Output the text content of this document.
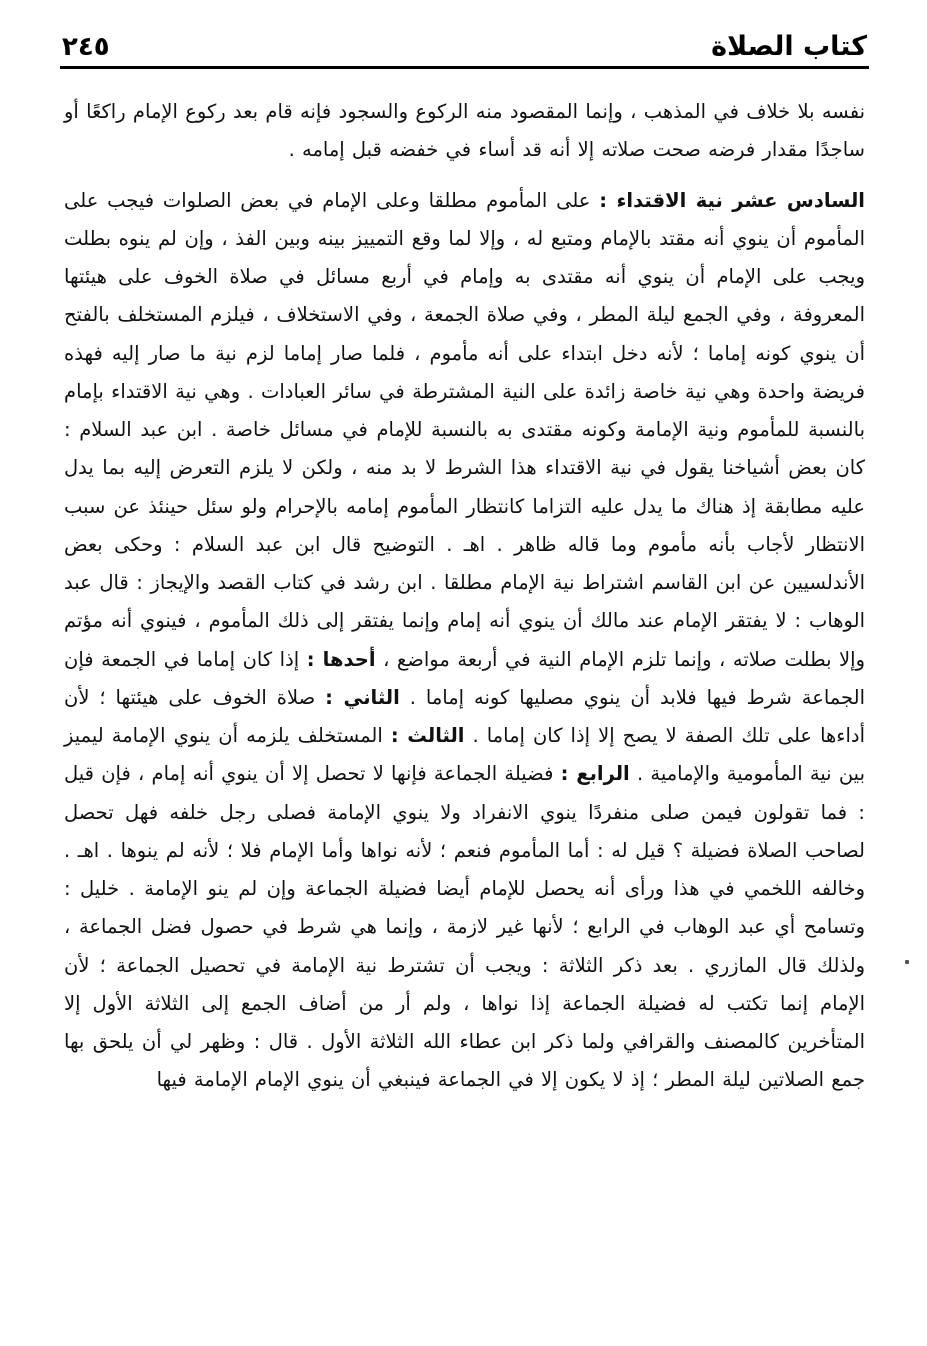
كتاب الصلاة
٢٤٥

نفسه بلا خلاف في المذهب ، وإنما المقصود منه الركوع والسجود فإنه قام بعد ركوع الإمام راكعًا أو ساجدًا مقدار فرضه صحت صلاته إلا أنه قد أساء في خفضه قبل إمامه .

السادس عشر نية الاقتداء : على المأموم مطلقا وعلى الإمام في بعض الصلوات فيجب على المأموم أن ينوي أنه مقتد بالإمام ومتبع له ، وإلا لما وقع التمييز بينه وبين الفذ ، وإن لم ينوه بطلت ويجب على الإمام أن ينوي أنه مقتدى به وإمام في أربع مسائل في صلاة الخوف على هيئتها المعروفة ، وفي الجمع ليلة المطر ، وفي صلاة الجمعة ، وفي الاستخلاف ، فيلزم المستخلف بالفتح أن ينوي كونه إماما ؛ لأنه دخل ابتداء على أنه مأموم ، فلما صار إماما لزم نية ما صار إليه فهذه فريضة واحدة وهي نية خاصة زائدة على النية المشترطة في سائر العبادات . وهي نية الاقتداء بإمام بالنسبة للمأموم ونية الإمامة وكونه مقتدى به بالنسبة للإمام في مسائل خاصة . ابن عبد السلام : كان بعض أشياخنا يقول في نية الاقتداء هذا الشرط لا بد منه ، ولكن لا يلزم التعرض إليه بما يدل عليه مطابقة إذ هناك ما يدل عليه التزاما كانتظار المأموم إمامه بالإحرام ولو سئل حينئذ عن سبب الانتظار لأجاب بأنه مأموم وما قاله ظاهر . اهـ . التوضيح قال ابن عبد السلام : وحكى بعض الأندلسيين عن ابن القاسم اشتراط نية الإمام مطلقا . ابن رشد في كتاب القصد والإيجاز : قال عبد الوهاب : لا يفتقر الإمام عند مالك أن ينوي أنه إمام وإنما يفتقر إلى ذلك المأموم ، فينوي أنه مؤتم وإلا بطلت صلاته ، وإنما تلزم الإمام النية في أربعة مواضع ، أحدها : إذا كان إماما في الجمعة فإن الجماعة شرط فيها فلابد أن ينوي مصليها كونه إماما . الثاني : صلاة الخوف على هيئتها ؛ لأن أداءها على تلك الصفة لا يصح إلا إذا كان إماما . الثالث : المستخلف يلزمه أن ينوي الإمامة ليميز بين نية المأمومية والإمامية . الرابع : فضيلة الجماعة فإنها لا تحصل إلا أن ينوي أنه إمام ، فإن قيل : فما تقولون فيمن صلى منفردًا ينوي الانفراد ولا ينوي الإمامة فصلى رجل خلفه فهل تحصل لصاحب الصلاة فضيلة ؟ قيل له : أما المأموم فنعم ؛ لأنه نواها وأما الإمام فلا ؛ لأنه لم ينوها . اهـ . وخالفه اللخمي في هذا ورأى أنه يحصل للإمام أيضا فضيلة الجماعة وإن لم ينو الإمامة . خليل : وتسامح أي عبد الوهاب في الرابع ؛ لأنها غير لازمة ، وإنما هي شرط في حصول فضل الجماعة ، ولذلك قال المازري . بعد ذكر الثلاثة : ويجب أن تشترط نية الإمامة في تحصيل الجماعة ؛ لأن الإمام إنما تكتب له فضيلة الجماعة إذا نواها ، ولم أر من أضاف الجمع إلى الثلاثة الأول إلا المتأخرين كالمصنف والقرافي ولما ذكر ابن عطاء الله الثلاثة الأول . قال : وظهر لي أن يلحق بها جمع الصلاتين ليلة المطر ؛ إذ لا يكون إلا في الجماعة فينبغي أن ينوي الإمام الإمامة فيها
